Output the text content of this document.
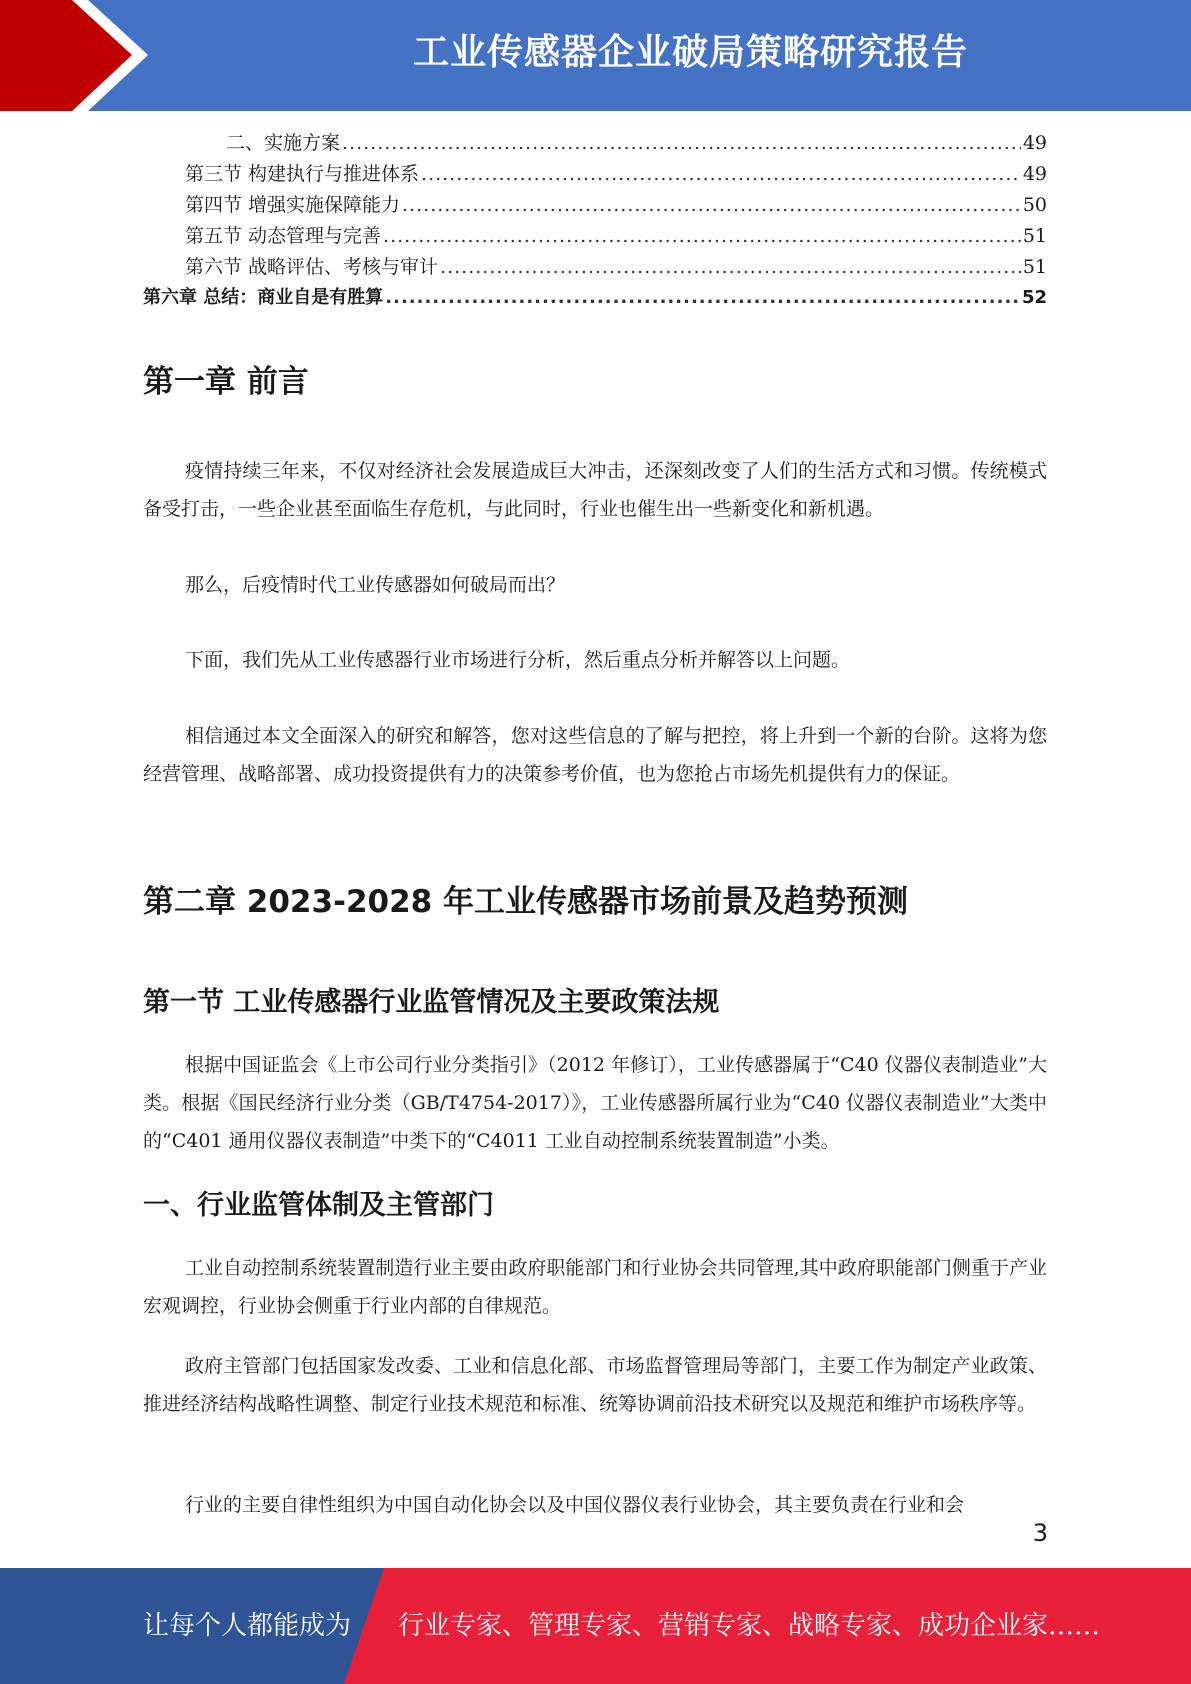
工业传感器企业破局策略研究报告
二、实施方案 .....	49
第三节 构建执行与推进体系 .....	49
第四节 增强实施保障能力 .....	50
第五节 动态管理与完善 .....	51
第六节 战略评估、考核与审计 .....	51
第六章 总结：商业自是有胜算 .....	52
第一章 前言

疫情持续三年来，不仅对经济社会发展造成巨大冲击，还深刻改变了人们的生活方式和习惯。传统模式备受打击，一些企业甚至面临生存危机，与此同时，行业也催生出一些新变化和新机遇。

那么，后疫情时代工业传感器如何破局而出？

下面，我们先从工业传感器行业市场进行分析，然后重点分析并解答以上问题。

相信通过本文全面深入的研究和解答，您对这些信息的了解与把控，将上升到一个新的台阶。这将为您经营管理、战略部署、成功投资提供有力的决策参考价值，也为您抢占市场先机提供有力的保证。

第二章 2023-2028 年工业传感器市场前景及趋势预测
第一节 工业传感器行业监管情况及主要政策法规

根据中国证监会《上市公司行业分类指引》（2012 年修订），工业传感器属于“C40 仪器仪表制造业”大类。根据《国民经济行业分类（GB/T4754-2017）》，工业传感器所属行业为“C40 仪器仪表制造业”大类中的“C401 通用仪器仪表制造”中类下的“C4011 工业自动控制系统装置制造”小类。

一、行业监管体制及主管部门

工业自动控制系统装置制造行业主要由政府职能部门和行业协会共同管理,其中政府职能部门侧重于产业宏观调控，行业协会侧重于行业内部的自律规范。

政府主管部门包括国家发改委、工业和信息化部、市场监督管理局等部门，主要工作为制定产业政策、推进经济结构战略性调整、制定行业技术规范和标准、统筹协调前沿技术研究以及规范和维护市场秩序等。

行业的主要自律性组织为中国自动化协会以及中国仪器仪表行业协会，其主要负责在行业和会

3
让每个人都能成为 行业专家、管理专家、营销专家、战略专家、成功企业家……
